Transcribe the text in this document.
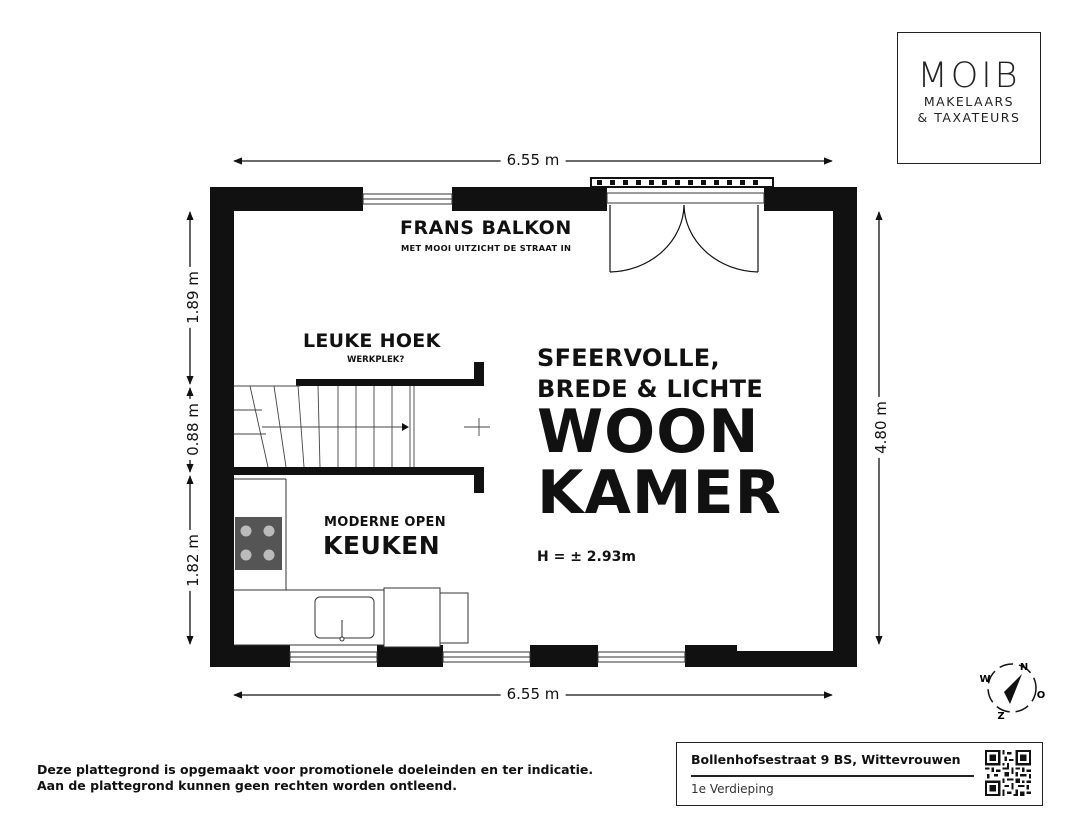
MOIB
MAKELAARS
& TAXATEURS
N
O
Z
W
6.55 m
6.55 m
4.80 m
1.89 m
0.88 m
1.82 m
FRANS BALKON
MET MOOI UITZICHT DE STRAAT IN
LEUKE HOEK
WERKPLEK?
MODERNE OPEN
KEUKEN
SFEERVOLLE,
BREDE & LICHTE
WOON
KAMER
H = ± 2.93m
Deze plattegrond is opgemaakt voor promotionele doeleinden en ter indicatie.
Aan de plattegrond kunnen geen rechten worden ontleend.
Bollenhofsestraat 9 BS, Wittevrouwen
1e Verdieping
